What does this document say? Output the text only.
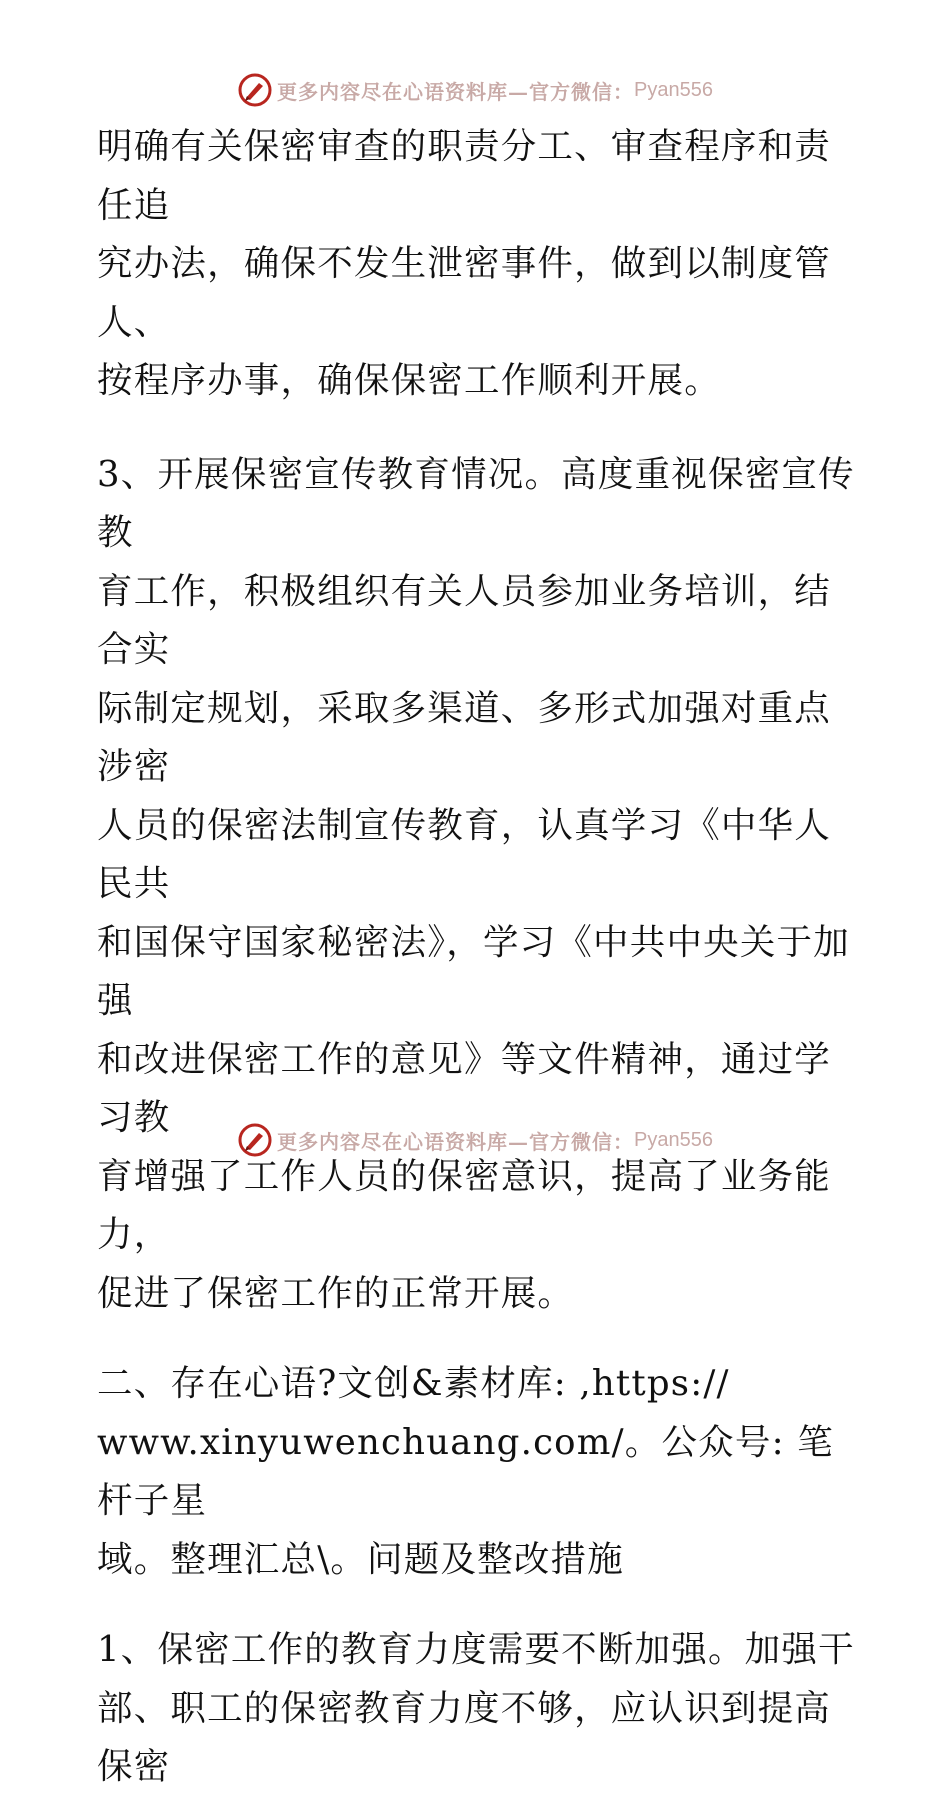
更多内容尽在心语资料库—官方微信： Pyan556

明确有关保密审查的职责分工、审查程序和责任追
究办法，确保不发生泄密事件，做到以制度管人、
按程序办事，确保保密工作顺利开展。

3、开展保密宣传教育情况。高度重视保密宣传教
育工作，积极组织有关人员参加业务培训，结合实
际制定规划，采取多渠道、多形式加强对重点涉密
人员的保密法制宣传教育，认真学习《中华人民共
和国保守国家秘密法》，学习《中共中央关于加强
和改进保密工作的意见》等文件精神，通过学习教
育增强了工作人员的保密意识，提高了业务能力，
促进了保密工作的正常开展。

二、存在心语?文创&素材库: ,https://
www.xinyuwenchuang.com/。公众号: 笔杆子星
域。整理汇总\。问题及整改措施

1、保密工作的教育力度需要不断加强。加强干
部、职工的保密教育力度不够，应认识到提高保密

更多内容尽在心语资料库—官方微信： Pyan556
